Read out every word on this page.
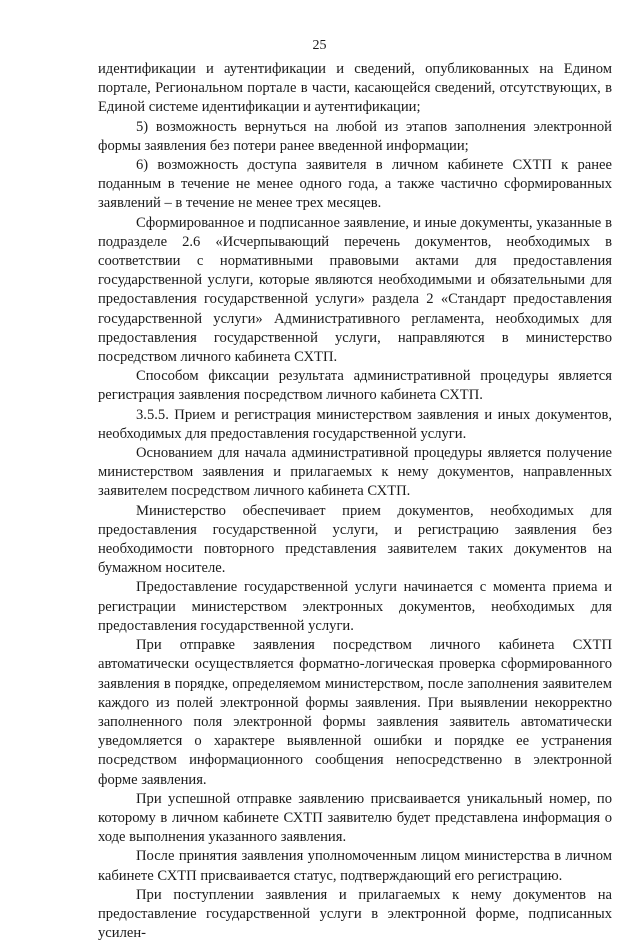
25

идентификации и аутентификации и сведений, опубликованных на Едином портале, Региональном портале в части, касающейся сведений, отсутствующих, в Единой системе идентификации и аутентификации;

5) возможность вернуться на любой из этапов заполнения электронной формы заявления без потери ранее введенной информации;

6) возможность доступа заявителя в личном кабинете СХТП к ранее поданным в течение не менее одного года, а также частично сформированных заявлений – в течение не менее трех месяцев.

Сформированное и подписанное заявление, и иные документы, указанные в подразделе 2.6 «Исчерпывающий перечень документов, необходимых в соответствии с нормативными правовыми актами для предоставления государственной услуги, которые являются необходимыми и обязательными для предоставления государственной услуги» раздела 2 «Стандарт предоставления государственной услуги» Административного регламента, необходимых для предоставления государственной услуги, направляются в министерство посредством личного кабинета СХТП.

Способом фиксации результата административной процедуры является регистрация заявления посредством личного кабинета СХТП.

3.5.5. Прием и регистрация министерством заявления и иных документов, необходимых для предоставления государственной услуги.

Основанием для начала административной процедуры является получение министерством заявления и прилагаемых к нему документов, направленных заявителем посредством личного кабинета СХТП.

Министерство обеспечивает прием документов, необходимых для предоставления государственной услуги, и регистрацию заявления без необходимости повторного представления заявителем таких документов на бумажном носителе.

Предоставление государственной услуги начинается с момента приема и регистрации министерством электронных документов, необходимых для предоставления государственной услуги.

При отправке заявления посредством личного кабинета СХТП автоматически осуществляется форматно-логическая проверка сформированного заявления в порядке, определяемом министерством, после заполнения заявителем каждого из полей электронной формы заявления. При выявлении некорректно заполненного поля электронной формы заявления заявитель автоматически уведомляется о характере выявленной ошибки и порядке ее устранения посредством информационного сообщения непосредственно в электронной форме заявления.

При успешной отправке заявлению присваивается уникальный номер, по которому в личном кабинете СХТП заявителю будет представлена информация о ходе выполнения указанного заявления.

После принятия заявления уполномоченным лицом министерства в личном кабинете СХТП присваивается статус, подтверждающий его регистрацию.

При поступлении заявления и прилагаемых к нему документов на предоставление государственной услуги в электронной форме, подписанных усилен-
